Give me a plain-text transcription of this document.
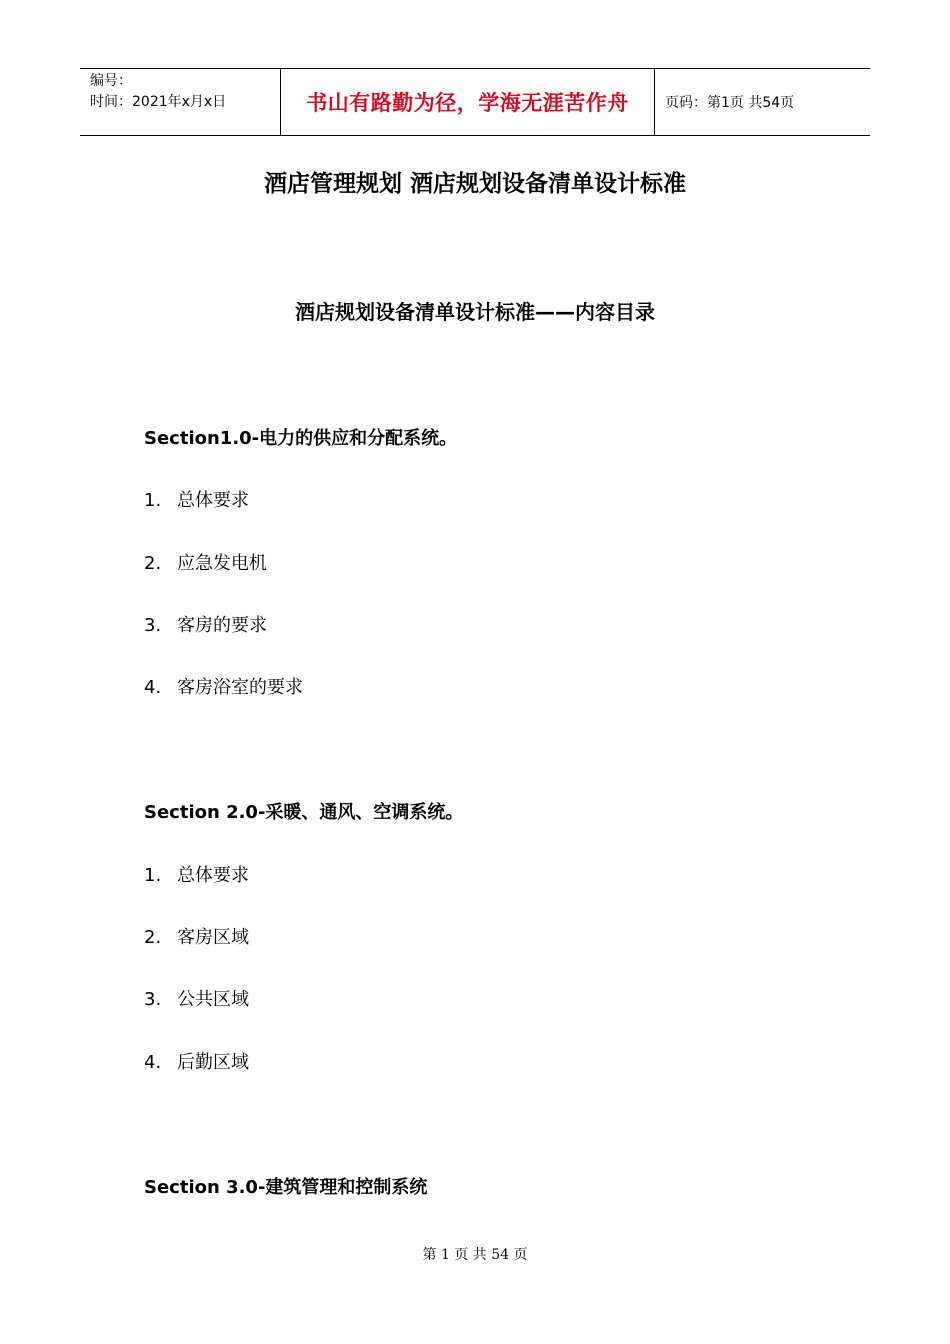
编号：
时间：2021年x月x日	书山有路勤为径，学海无涯苦作舟	页码：第1页 共54页
酒店管理规划 酒店规划设备清单设计标准
酒店规划设备清单设计标准——内容目录
Section1.0-电力的供应和分配系统。
1. 总体要求
2. 应急发电机
3. 客房的要求
4. 客房浴室的要求
Section 2.0-采暖、通风、空调系统。
1. 总体要求
2. 客房区域
3. 公共区域
4. 后勤区域
Section 3.0-建筑管理和控制系统
第 1 页 共 54 页
